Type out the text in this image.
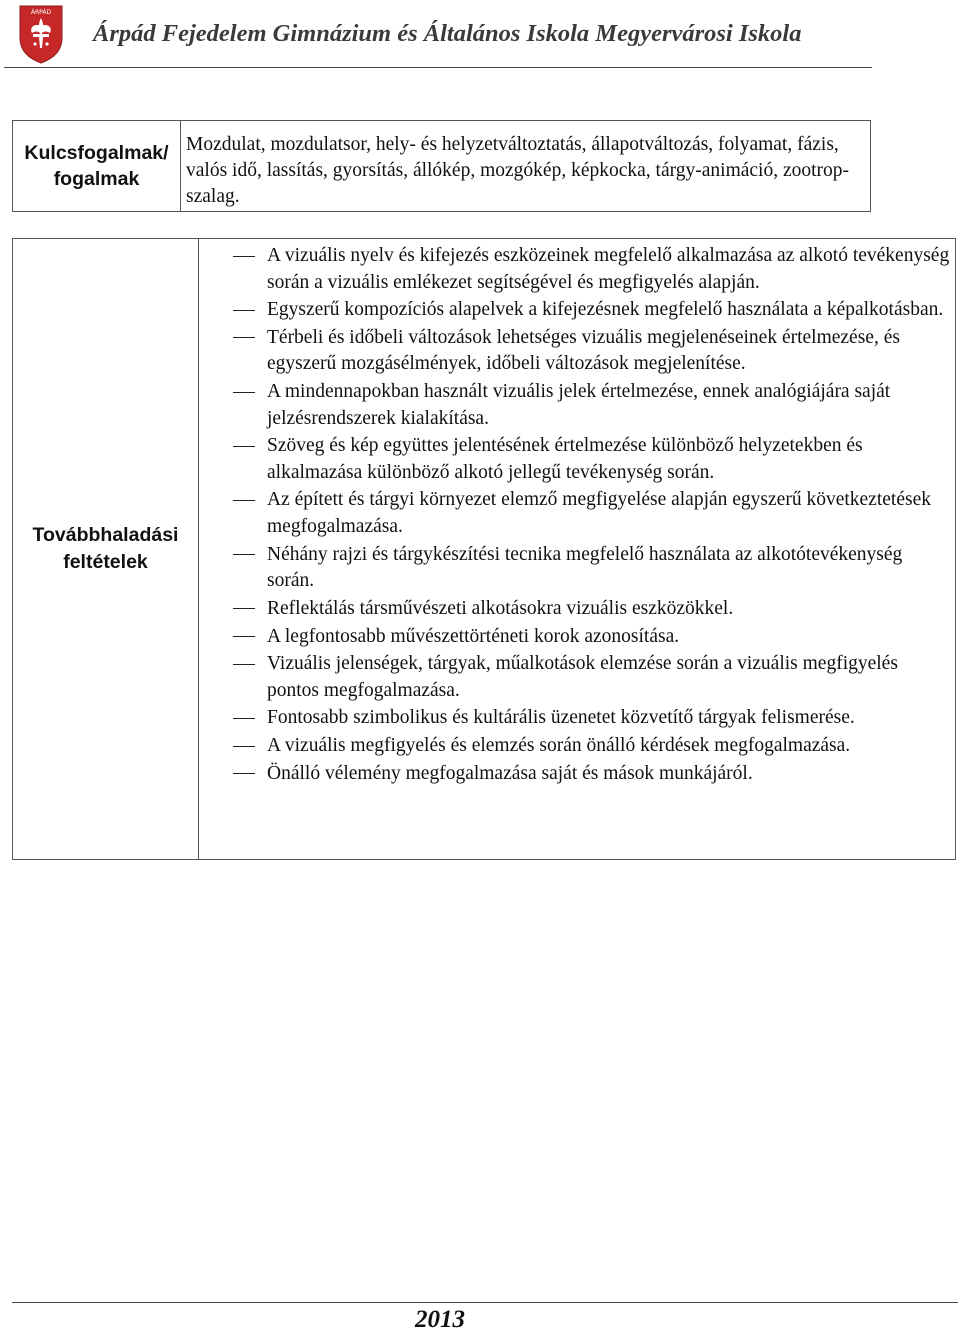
ÁRPÁD
Árpád Fejedelem Gimnázium és Általános Iskola Megyervárosi Iskola
Kulcsfogalmak/ fogalmak
Mozdulat, mozdulatsor, hely- és helyzetváltoztatás, állapotváltozás, folyamat, fázis, valós idő, lassítás, gyorsítás, állókép, mozgókép, képkocka, tárgy-animáció, zootrop-szalag.
Továbbhaladási feltételek
A vizuális nyelv és kifejezés eszközeinek megfelelő alkalmazása az alkotó tevékenység során a vizuális emlékezet segítségével és megfigyelés alapján.
Egyszerű kompozíciós alapelvek a kifejezésnek megfelelő használata a képalkotásban.
Térbeli és időbeli változások lehetséges vizuális megjelenéseinek értelmezése, és egyszerű mozgásélmények, időbeli változások megjelenítése.
A mindennapokban használt vizuális jelek értelmezése, ennek analógiájára saját jelzésrendszerek kialakítása.
Szöveg és kép együttes jelentésének értelmezése különböző helyzetekben és alkalmazása különböző alkotó jellegű tevékenység során.
Az épített és tárgyi környezet elemző megfigyelése alapján egyszerű következtetések megfogalmazása.
Néhány rajzi és tárgykészítési tecnika megfelelő használata az alkotótevékenység során.
Reflektálás társművészeti alkotásokra vizuális eszközökkel.
A legfontosabb művészettörténeti korok azonosítása.
Vizuális jelenségek, tárgyak, műalkotások elemzése során a vizuális megfigyelés pontos megfogalmazása.
Fontosabb szimbolikus és kultárális üzenetet közvetítő tárgyak felismerése.
A vizuális megfigyelés és elemzés során önálló kérdések megfogalmazása.
Önálló vélemény megfogalmazása saját és mások munkájáról.
2013
